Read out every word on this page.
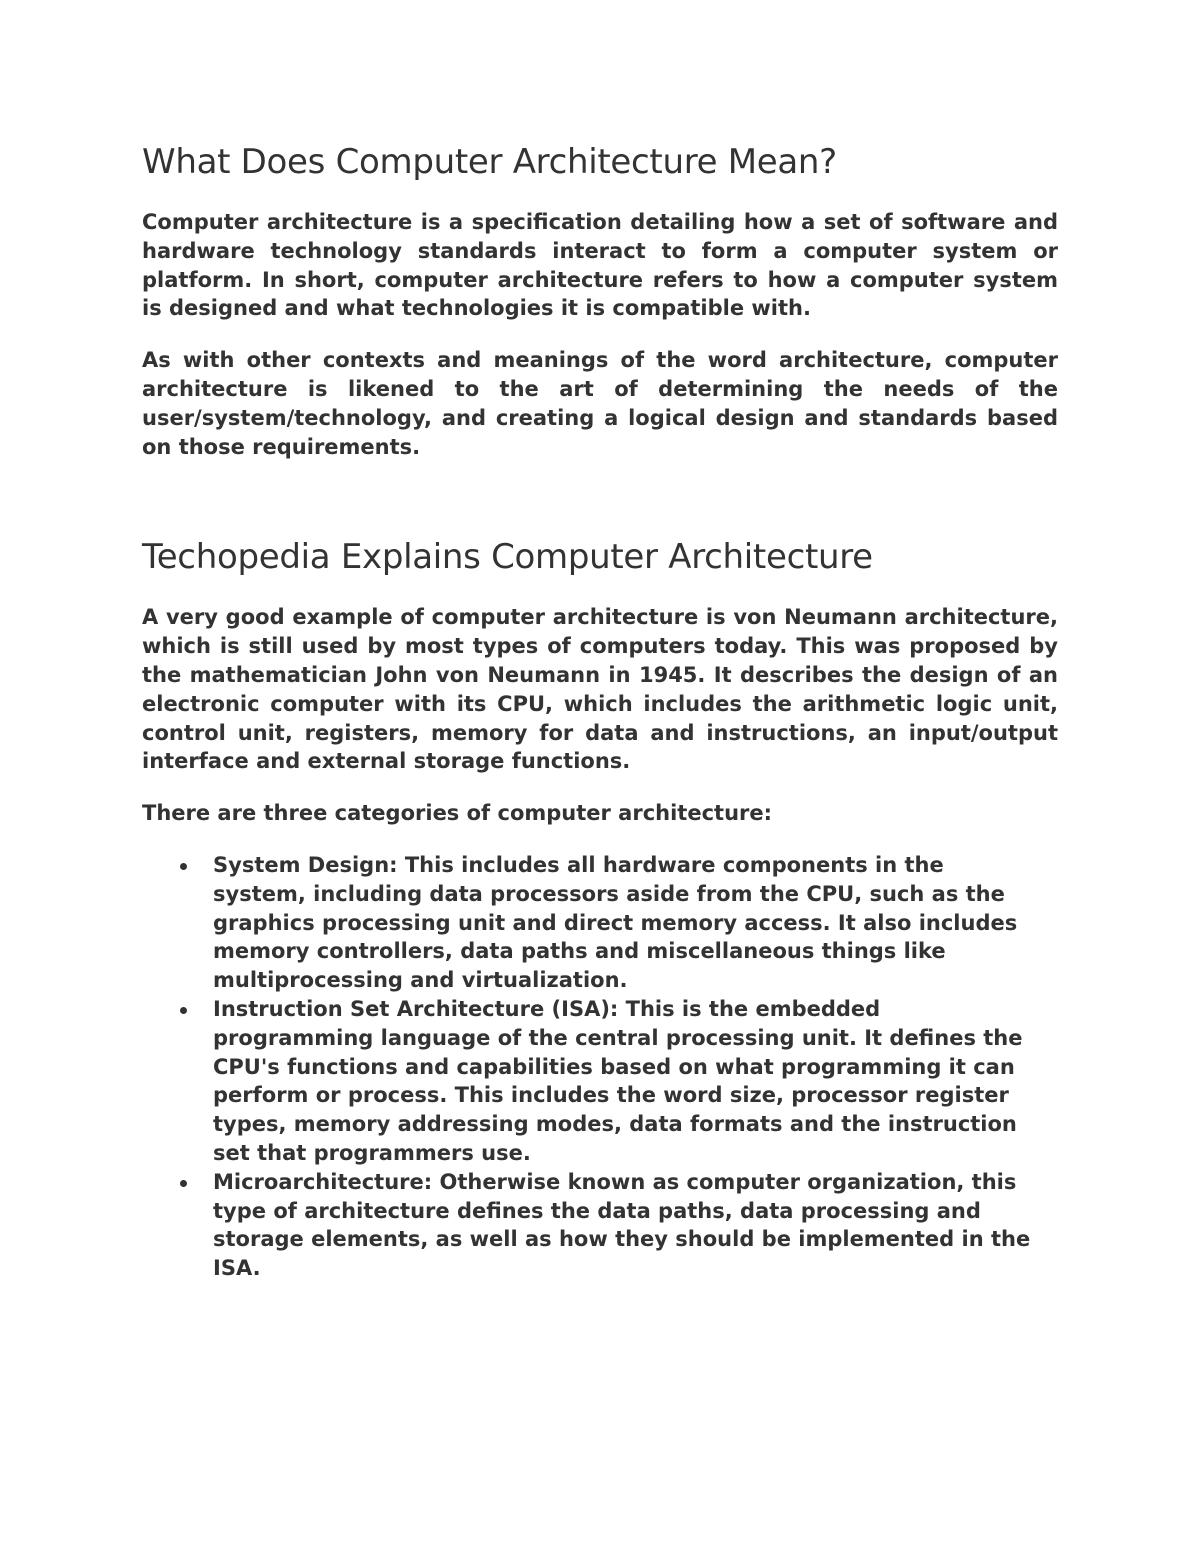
What Does Computer Architecture Mean?

Computer architecture is a specification detailing how a set of software and hardware technology standards interact to form a computer system or platform. In short, computer architecture refers to how a computer system is designed and what technologies it is compatible with.

As with other contexts and meanings of the word architecture, computer architecture is likened to the art of determining the needs of the user/system/technology, and creating a logical design and standards based on those requirements.

Techopedia Explains Computer Architecture

A very good example of computer architecture is von Neumann architecture, which is still used by most types of computers today. This was proposed by the mathematician John von Neumann in 1945. It describes the design of an electronic computer with its CPU, which includes the arithmetic logic unit, control unit, registers, memory for data and instructions, an input/output interface and external storage functions.

There are three categories of computer architecture:

System Design: This includes all hardware components in the system, including data processors aside from the CPU, such as the graphics processing unit and direct memory access. It also includes memory controllers, data paths and miscellaneous things like multiprocessing and virtualization.
Instruction Set Architecture (ISA): This is the embedded programming language of the central processing unit. It defines the CPU's functions and capabilities based on what programming it can perform or process. This includes the word size, processor register types, memory addressing modes, data formats and the instruction set that programmers use.
Microarchitecture: Otherwise known as computer organization, this type of architecture defines the data paths, data processing and storage elements, as well as how they should be implemented in the ISA.
